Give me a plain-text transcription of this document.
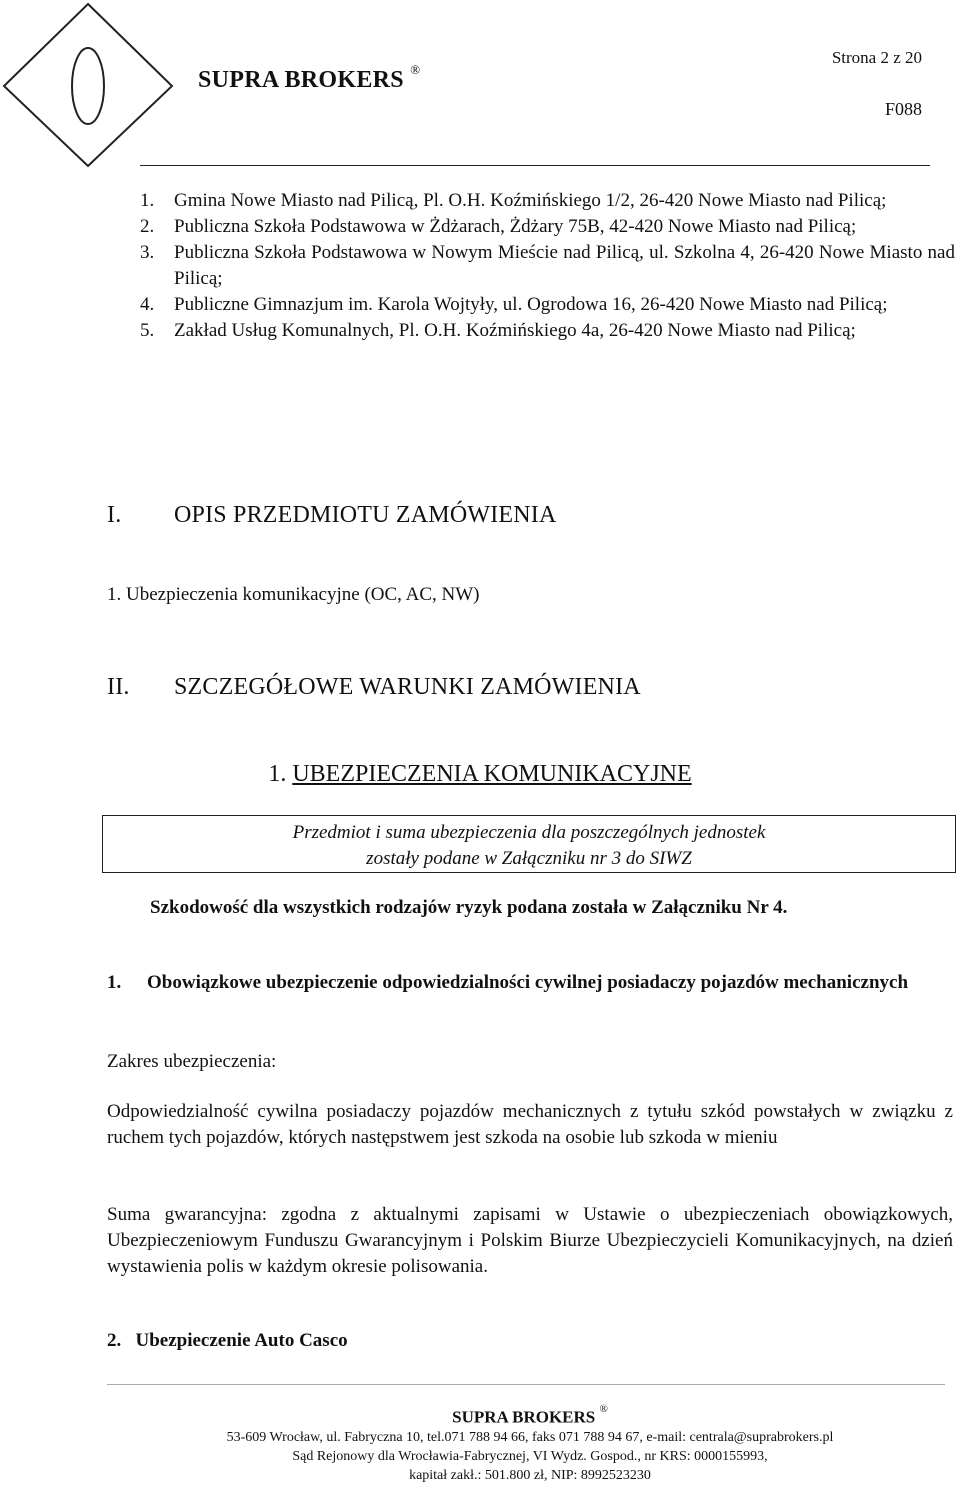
SUPRA BROKERS ®
Strona 2 z 20
F088
1.	Gmina Nowe Miasto nad Pilicą, Pl. O.H. Koźmińskiego 1/2, 26-420 Nowe Miasto nad Pilicą;
2.	Publiczna Szkoła Podstawowa w Żdżarach, Żdżary 75B, 42-420 Nowe Miasto nad Pilicą;
3.	Publiczna Szkoła Podstawowa w Nowym Mieście nad Pilicą, ul. Szkolna 4, 26-420 Nowe Miasto nad Pilicą;
4.	Publiczne Gimnazjum im. Karola Wojtyły, ul. Ogrodowa 16, 26-420 Nowe Miasto nad Pilicą;
5.	Zakład Usług Komunalnych, Pl. O.H. Koźmińskiego 4a, 26-420 Nowe Miasto nad Pilicą;
I. OPIS PRZEDMIOTU ZAMÓWIENIA
1. Ubezpieczenia komunikacyjne (OC, AC, NW)
II. SZCZEGÓŁOWE WARUNKI ZAMÓWIENIA
1. UBEZPIECZENIA KOMUNIKACYJNE
Przedmiot i suma ubezpieczenia dla poszczególnych jednostek
zostały podane w Załączniku nr 3 do SIWZ
Szkodowość dla wszystkich rodzajów ryzyk podana została w Załączniku Nr 4.
1.	Obowiązkowe ubezpieczenie odpowiedzialności cywilnej posiadaczy pojazdów mechanicznych
Zakres ubezpieczenia:
Odpowiedzialność cywilna posiadaczy pojazdów mechanicznych z tytułu szkód powstałych w związku z ruchem tych pojazdów, których następstwem jest szkoda na osobie lub szkoda w mieniu
Suma gwarancyjna: zgodna z aktualnymi zapisami w Ustawie o ubezpieczeniach obowiązkowych, Ubezpieczeniowym Funduszu Gwarancyjnym i Polskim Biurze Ubezpieczycieli Komunikacyjnych, na dzień wystawienia polis w każdym okresie polisowania.
2. Ubezpieczenie Auto Casco
SUPRA BROKERS ®
53-609 Wrocław, ul. Fabryczna 10, tel.071 788 94 66, faks 071 788 94 67, e-mail: centrala@suprabrokers.pl
Sąd Rejonowy dla Wrocławia-Fabrycznej, VI Wydz. Gospod., nr KRS: 0000155993,
kapitał zakł.: 501.800 zł, NIP: 8992523230
